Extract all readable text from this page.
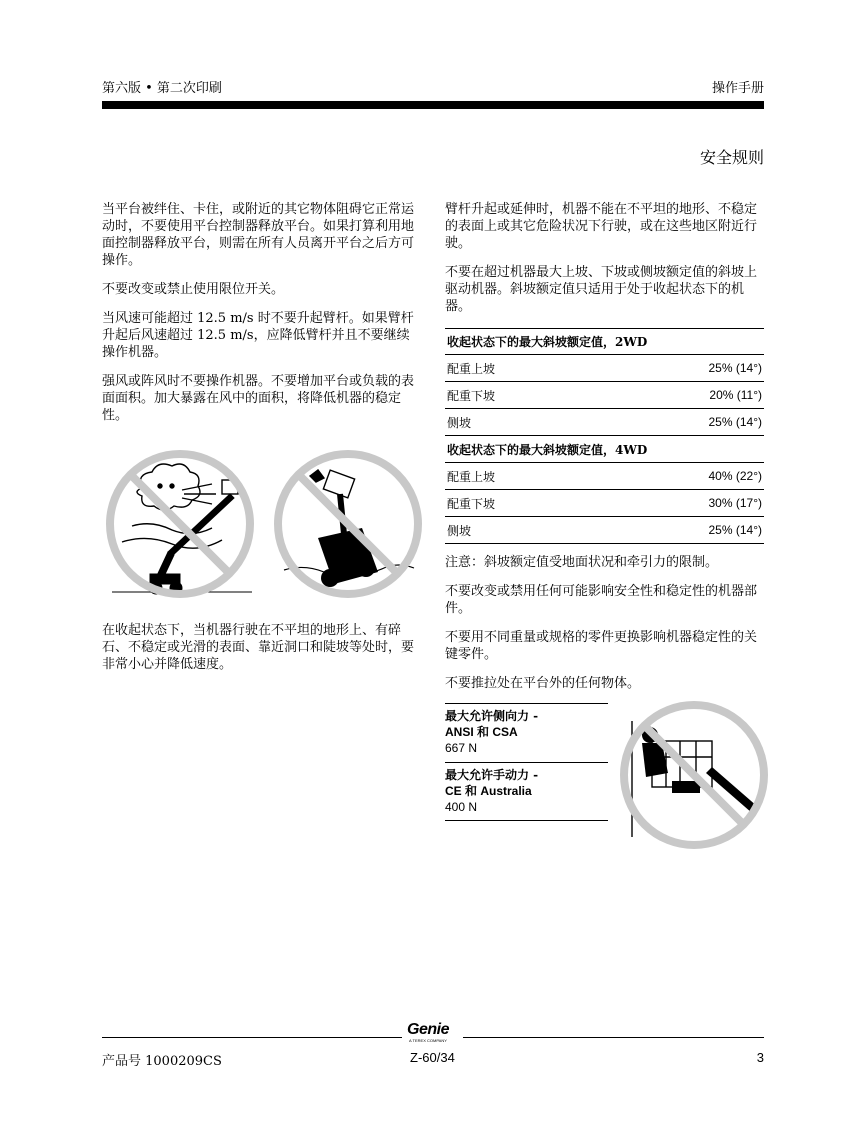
第六版 • 第二次印刷	操作手册
安全规则

当平台被绊住、卡住，或附近的其它物体阻碍它正常运动时，不要使用平台控制器释放平台。如果打算利用地面控制器释放平台，则需在所有人员离开平台之后方可操作。

不要改变或禁止使用限位开关。

当风速可能超过 12.5 m/s 时不要升起臂杆。如果臂杆升起后风速超过 12.5 m/s，应降低臂杆并且不要继续操作机器。

强风或阵风时不要操作机器。不要增加平台或负载的表面面积。加大暴露在风中的面积，将降低机器的稳定性。

在收起状态下，当机器行驶在不平坦的地形上、有碎石、不稳定或光滑的表面、靠近洞口和陡坡等处时，要非常小心并降低速度。

臂杆升起或延伸时，机器不能在不平坦的地形、不稳定的表面上或其它危险状况下行驶，或在这些地区附近行驶。

不要在超过机器最大上坡、下坡或侧坡额定值的斜坡上驱动机器。斜坡额定值只适用于处于收起状态下的机器。

收起状态下的最大斜坡额定值，2WD	
配重上坡	25% (14°)
配重下坡	20% (11°)
侧坡	25% (14°)
收起状态下的最大斜坡额定值，4WD	
配重上坡	40% (22°)
配重下坡	30% (17°)
侧坡	25% (14°)

注意：斜坡额定值受地面状况和牵引力的限制。

不要改变或禁用任何可能影响安全性和稳定性的机器部件。

不要用不同重量或规格的零件更换影响机器稳定性的关键零件。

不要推拉处在平台外的任何物体。

最大允许侧向力 -
ANSI 和 CSA
667 N
最大允许手动力 -
CE 和 Australia
400 N
Genie
A TEREX COMPANY
产品号 1000209CS	Z-60/34	3
